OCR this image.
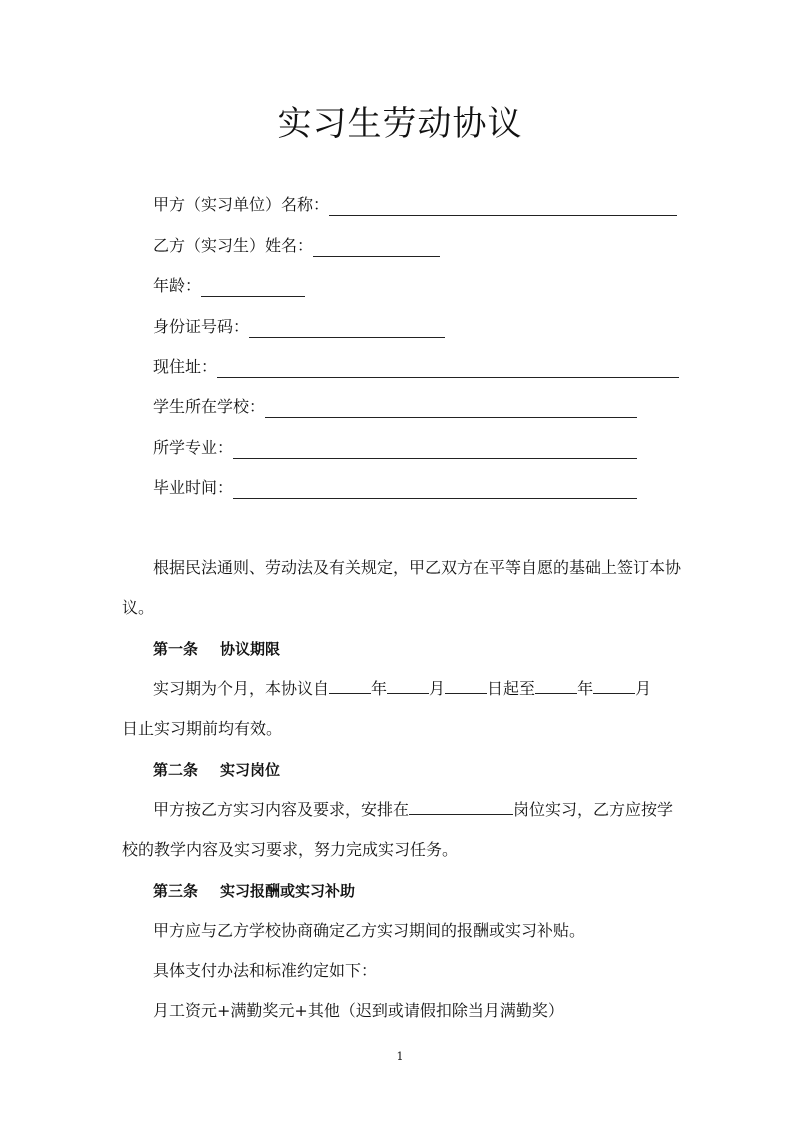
实习生劳动协议
甲方（实习单位）名称：
乙方（实习生）姓名：
年龄：
身份证号码：
现住址：
学生所在学校：
所学专业：
毕业时间：
根据民法通则、劳动法及有关规定，甲乙双方在平等自愿的基础上签订本协
议。
第一条 协议期限
实习期为个月，本协议自	年	月	日起至	年	月
日止实习期前均有效。
第二条 实习岗位
甲方按乙方实习内容及要求，安排在	岗位实习，乙方应按学
校的教学内容及实习要求，努力完成实习任务。
第三条 实习报酬或实习补助
甲方应与乙方学校协商确定乙方实习期间的报酬或实习补贴。
具体支付办法和标准约定如下：
月工资元+满勤奖元+其他（迟到或请假扣除当月满勤奖）
1
